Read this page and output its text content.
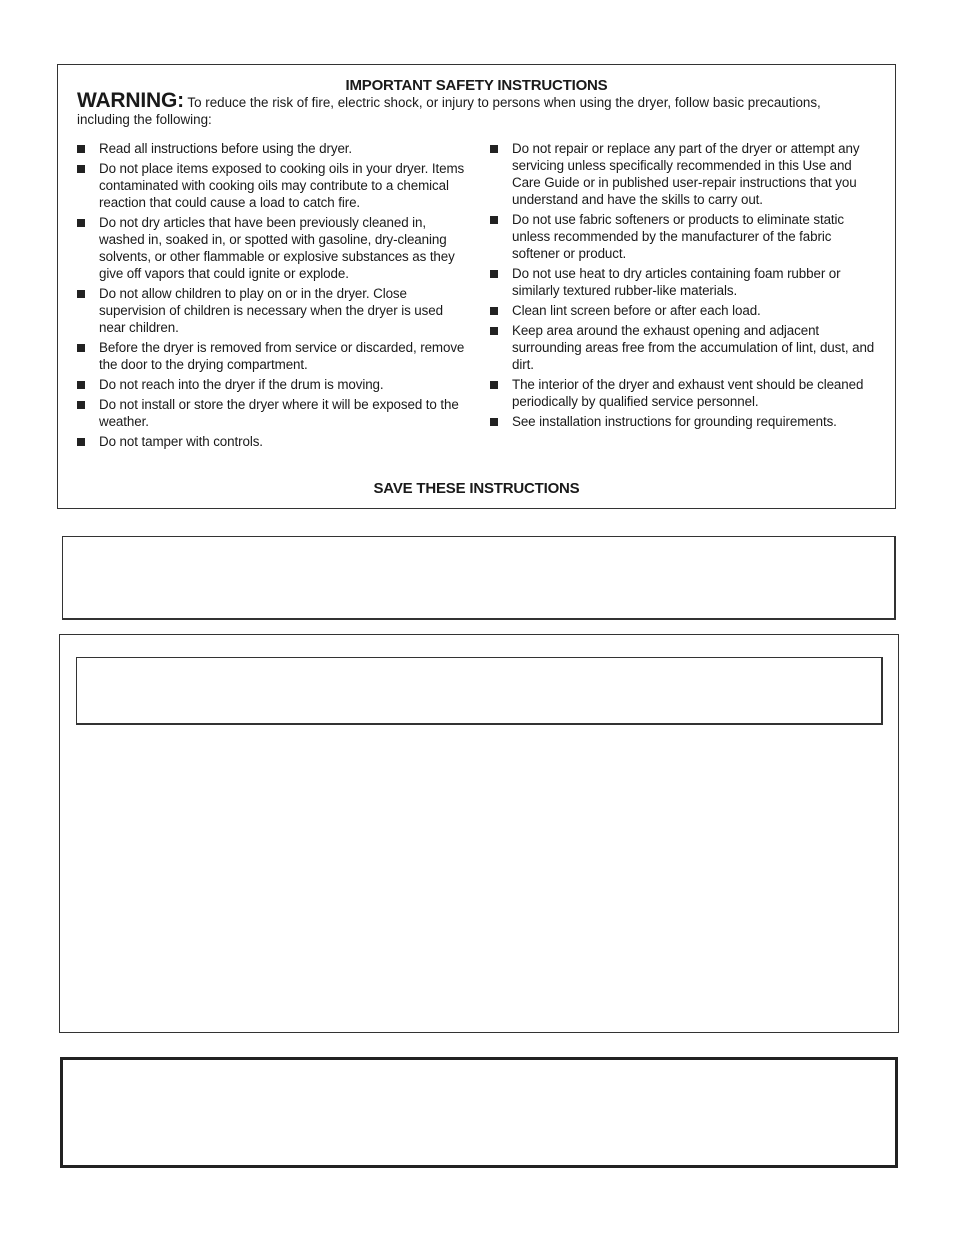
IMPORTANT SAFETY INSTRUCTIONS
WARNING: To reduce the risk of fire, electric shock, or injury to persons when using the dryer, follow basic precautions, including the following:
Read all instructions before using the dryer.
Do not place items exposed to cooking oils in your dryer. Items contaminated with cooking oils may contribute to a chemical reaction that could cause a load to catch fire.
Do not dry articles that have been previously cleaned in, washed in, soaked in, or spotted with gasoline, dry-cleaning solvents, or other flammable or explosive substances as they give off vapors that could ignite or explode.
Do not allow children to play on or in the dryer. Close supervision of children is necessary when the dryer is used near children.
Before the dryer is removed from service or discarded, remove the door to the drying compartment.
Do not reach into the dryer if the drum is moving.
Do not install or store the dryer where it will be exposed to the weather.
Do not tamper with controls.
Do not repair or replace any part of the dryer or attempt any servicing unless specifically recommended in this Use and Care Guide or in published user-repair instructions that you understand and have the skills to carry out.
Do not use fabric softeners or products to eliminate static unless recommended by the manufacturer of the fabric softener or product.
Do not use heat to dry articles containing foam rubber or similarly textured rubber-like materials.
Clean lint screen before or after each load.
Keep area around the exhaust opening and adjacent surrounding areas free from the accumulation of lint, dust, and dirt.
The interior of the dryer and exhaust vent should be cleaned periodically by qualified service personnel.
See installation instructions for grounding requirements.
SAVE THESE INSTRUCTIONS
